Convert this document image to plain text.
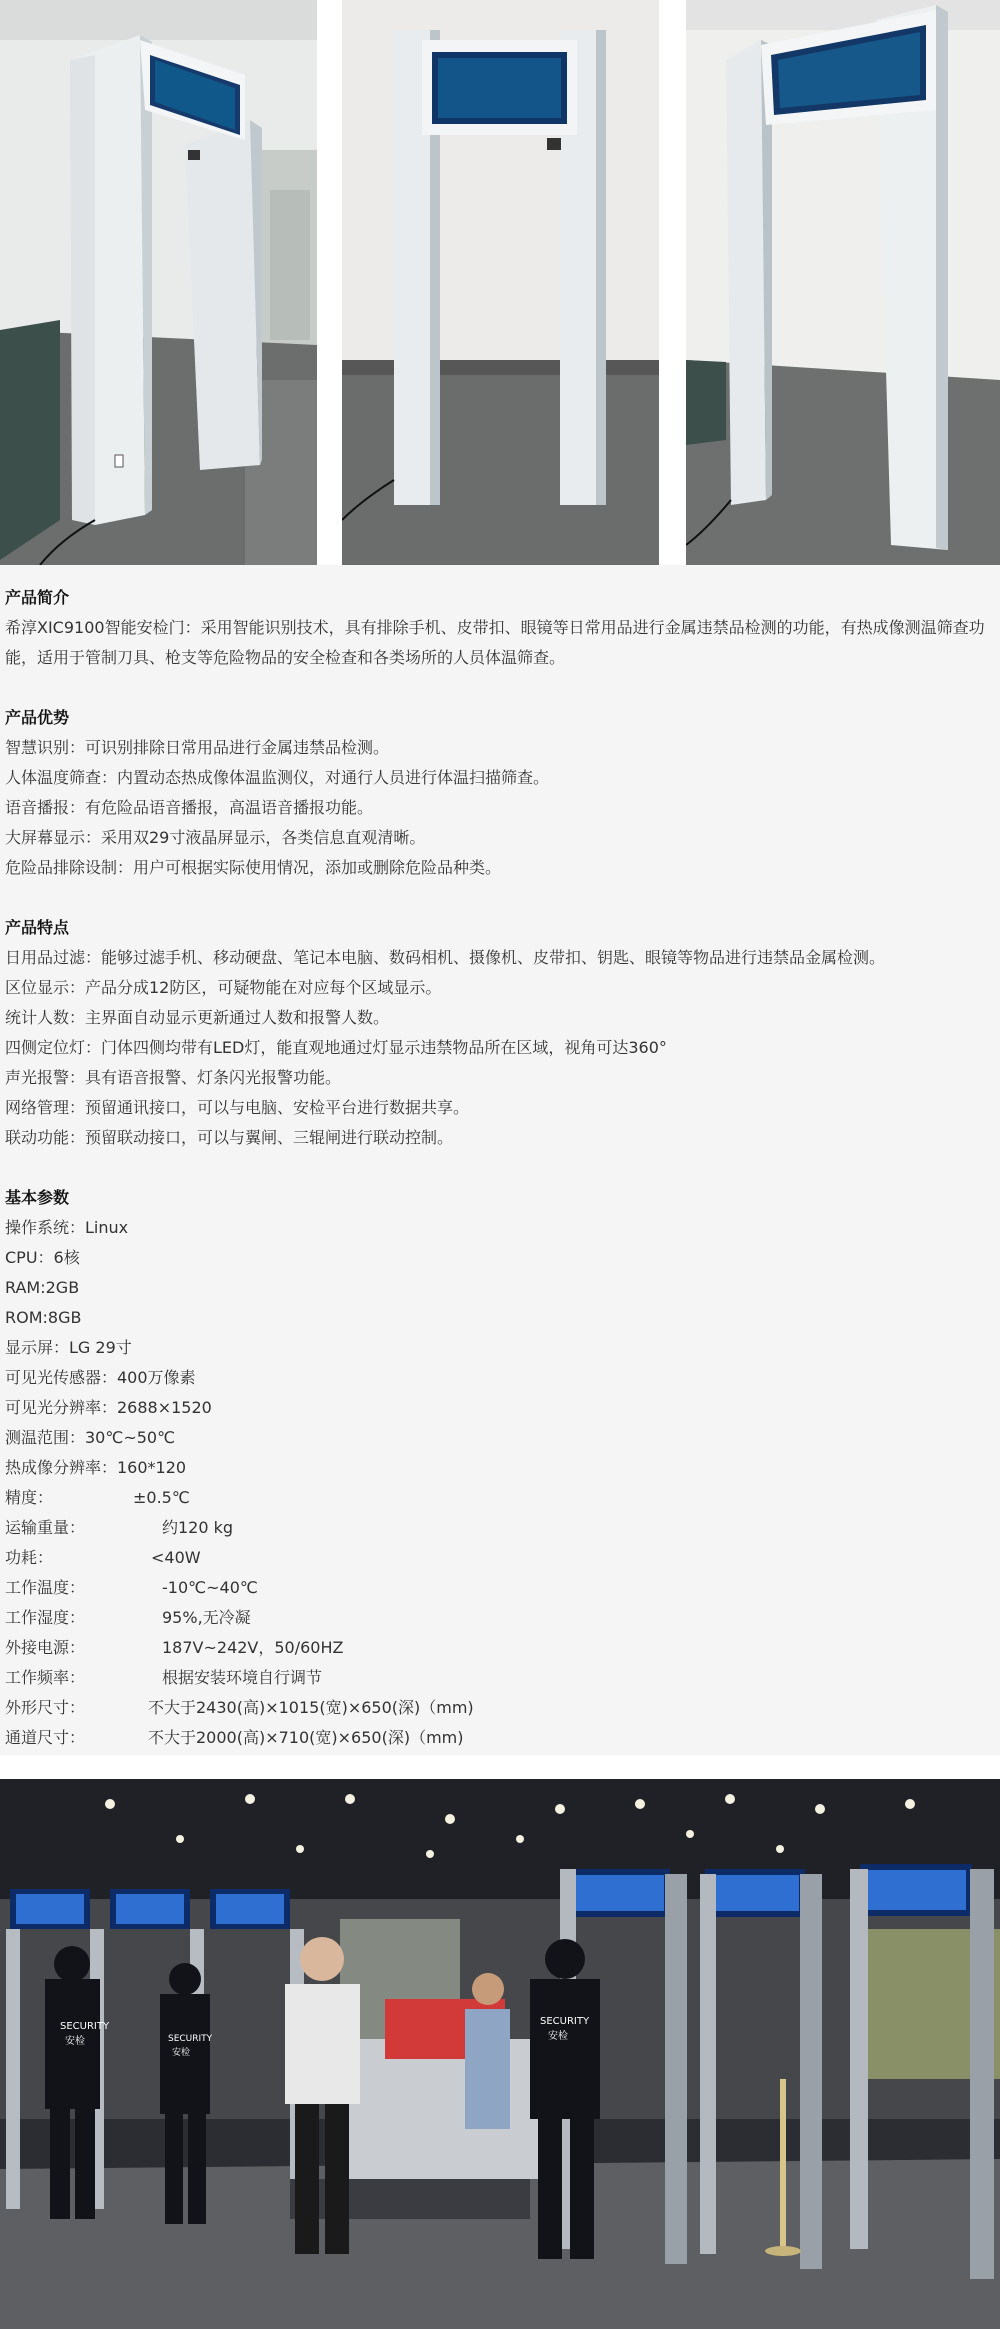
产品简介
希淳XIC9100智能安检门：采用智能识别技术，具有排除手机、皮带扣、眼镜等日常用品进行金属违禁品检测的功能，有热成像测温筛查功能，适用于管制刀具、枪支等危险物品的安全检查和各类场所的人员体温筛查。
产品优势
智慧识别：可识别排除日常用品进行金属违禁品检测。
人体温度筛查：内置动态热成像体温监测仪，对通行人员进行体温扫描筛查。
语音播报：有危险品语音播报，高温语音播报功能。
大屏幕显示：采用双29寸液晶屏显示，各类信息直观清晰。
危险品排除设制：用户可根据实际使用情况，添加或删除危险品种类。
产品特点
日用品过滤：能够过滤手机、移动硬盘、笔记本电脑、数码相机、摄像机、皮带扣、钥匙、眼镜等物品进行违禁品金属检测。
区位显示：产品分成12防区，可疑物能在对应每个区域显示。
统计人数：主界面自动显示更新通过人数和报警人数。
四侧定位灯：门体四侧均带有LED灯，能直观地通过灯显示违禁物品所在区域，视角可达360°
声光报警：具有语音报警、灯条闪光报警功能。
网络管理：预留通讯接口，可以与电脑、安检平台进行数据共享。
联动功能：预留联动接口，可以与翼闸、三辊闸进行联动控制。
基本参数
操作系统：Linux
CPU：6核
RAM:2GB
ROM:8GB
显示屏：LG 29寸
可见光传感器：400万像素
可见光分辨率：2688×1520
测温范围：30℃~50℃
热成像分辨率：160*120
精度：	±0.5℃
运输重量：	约120 kg
功耗：	<40W
工作温度：	-10℃~40℃
工作湿度：	95%,无冷凝
外接电源：	187V~242V，50/60HZ
工作频率：	根据安装环境自行调节
外形尺寸：	不大于2430(高)×1015(宽)×650(深)（mm)
通道尺寸：	不大于2000(高)×710(宽)×650(深)（mm)
SECURITY
安检	SECURITY
安检
SECURITY
安检
